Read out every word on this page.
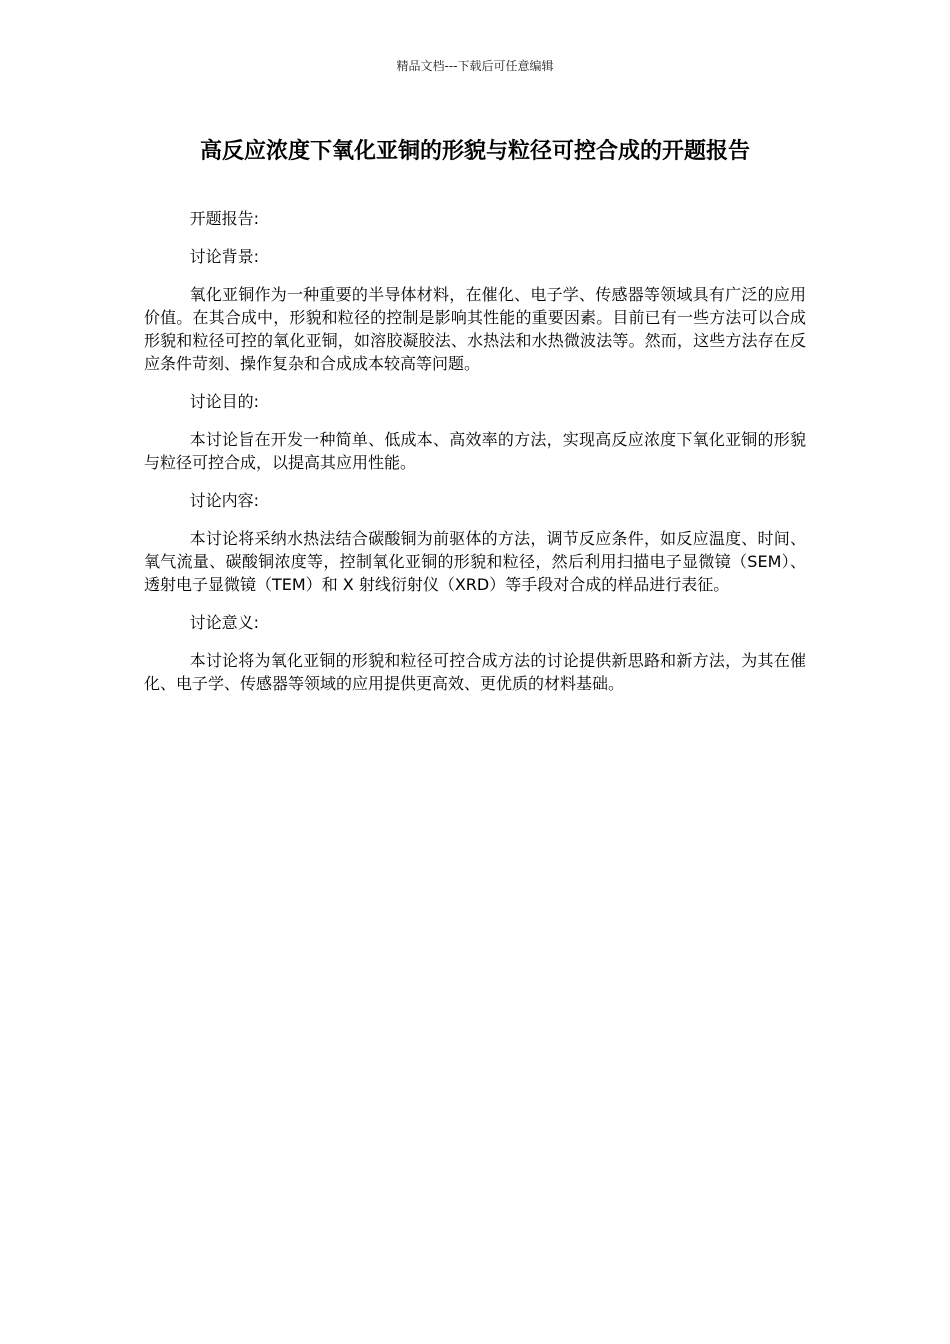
精品文档---下载后可任意编辑
高反应浓度下氧化亚铜的形貌与粒径可控合成的开题报告

开题报告:

讨论背景:

氧化亚铜作为一种重要的半导体材料，在催化、电子学、传感器等领域具有广泛的应用价值。在其合成中，形貌和粒径的控制是影响其性能的重要因素。目前已有一些方法可以合成形貌和粒径可控的氧化亚铜，如溶胶凝胶法、水热法和水热微波法等。然而，这些方法存在反应条件苛刻、操作复杂和合成成本较高等问题。

讨论目的:

本讨论旨在开发一种简单、低成本、高效率的方法，实现高反应浓度下氧化亚铜的形貌与粒径可控合成，以提高其应用性能。

讨论内容:

本讨论将采纳水热法结合碳酸铜为前驱体的方法，调节反应条件，如反应温度、时间、氧气流量、碳酸铜浓度等，控制氧化亚铜的形貌和粒径，然后利用扫描电子显微镜（SEM）、透射电子显微镜（TEM）和 X 射线衍射仪（XRD）等手段对合成的样品进行表征。

讨论意义:

本讨论将为氧化亚铜的形貌和粒径可控合成方法的讨论提供新思路和新方法，为其在催化、电子学、传感器等领域的应用提供更高效、更优质的材料基础。
